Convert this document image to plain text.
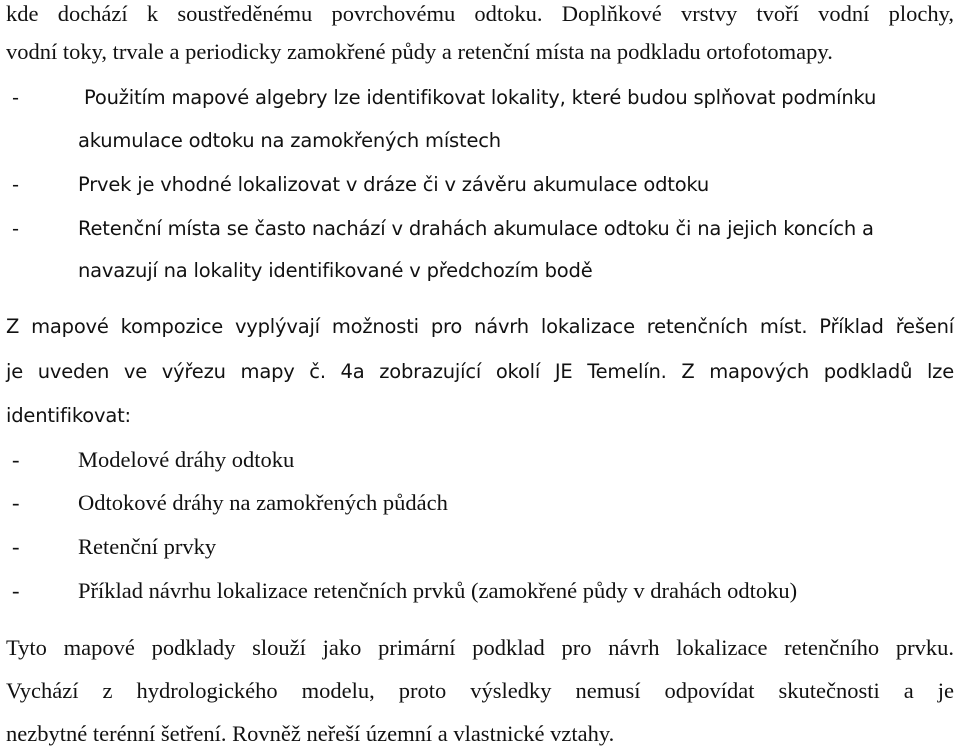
kde dochází k soustředěnému povrchovému odtoku. Doplňkové vrstvy tvoří vodní plochy,
vodní toky, trvale a periodicky zamokřené půdy a retenční místa na podkladu ortofotomapy.
-	Použitím mapové algebry lze identifikovat lokality, které budou splňovat podmínku
akumulace odtoku na zamokřených místech
-	Prvek je vhodné lokalizovat v dráze či v závěru akumulace odtoku
-	Retenční místa se často nachází v drahách akumulace odtoku či na jejich koncích a
navazují na lokality identifikované v předchozím bodě
Z mapové kompozice vyplývají možnosti pro návrh lokalizace retenčních míst. Příklad řešení
je uveden ve výřezu mapy č. 4a zobrazující okolí JE Temelín. Z mapových podkladů lze
identifikovat:
-	Modelové dráhy odtoku
-	Odtokové dráhy na zamokřených půdách
-	Retenční prvky
-	Příklad návrhu lokalizace retenčních prvků (zamokřené půdy v drahách odtoku)
Tyto mapové podklady slouží jako primární podklad pro návrh lokalizace retenčního prvku.
Vychází z hydrologického modelu, proto výsledky nemusí odpovídat skutečnosti a je
nezbytné terénní šetření. Rovněž neřeší územní a vlastnické vztahy.
